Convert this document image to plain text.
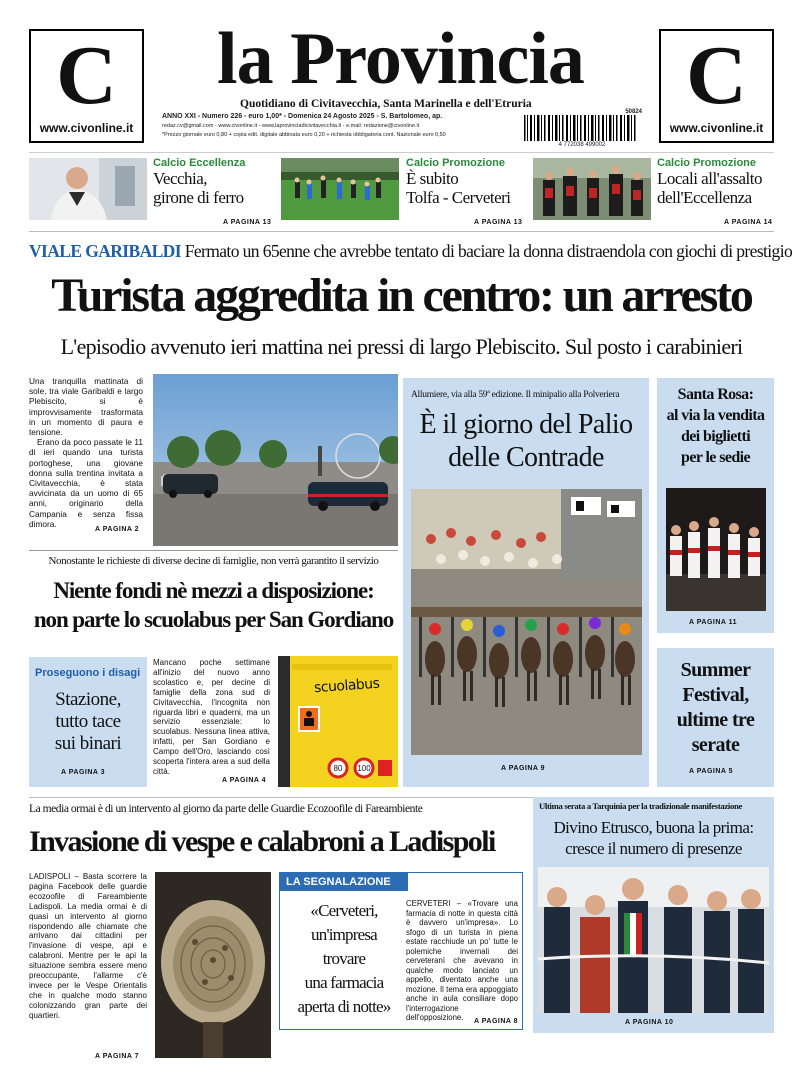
C
www.civonline.it
C
www.civonline.it
la Provincia
Quotidiano di Civitavecchia, Santa Marinella e dell'Etruria
ANNO XXI - Numero 226 - euro 1,00* - Domenica 24 Agosto 2025 - S. Bartolomeo, ap.
redaz.cv@gmail.com - www.civonline.it - www.laprovinciadicivitavecchia.it - e.mail: redazione@civonline.it
*Prezzo giornale euro 0,80 + copia edit. digitale abbinata euro 0,20 + richiesta obbligatoria cont. Nazionale euro 0,50
50824
4 772038 499002
Calcio Eccellenza
Vecchia,
girone di ferro
A PAGINA 13
Calcio Promozione
È subito
Tolfa - Cerveteri
A PAGINA 13
Calcio Promozione
Locali all'assalto
dell'Eccellenza
A PAGINA 14
VIALE GARIBALDI Fermato un 65enne che avrebbe tentato di baciare la donna distraendola con giochi di prestigio
Turista aggredita in centro: un arresto
L'episodio avvenuto ieri mattina nei pressi di largo Plebiscito. Sul posto i carabinieri

Una tranquilla mattinata di sole, tra viale Garibaldi e largo Plebiscito, si è improvvisamente trasformata in un momento di paura e tensione.

Erano da poco passate le 11 di ieri quando una turista portoghese, una giovane donna sulla trentina invitata a Civitavecchia, è stata avvicinata da un uomo di 65 anni, originario della Campania e senza fissa dimora.

A PAGINA 2
Nonostante le richieste di diverse decine di famiglie, non verrà garantito il servizio
Niente fondi nè mezzi a disposizione:
non parte lo scuolabus per San Gordiano
Proseguono i disagi
Stazione,
tutto tace
sui binari
A PAGINA 3
Mancano poche settimane all'inizio del nuovo anno scolastico e, per decine di famiglie della zona sud di Civitavecchia, l'incognita non riguarda libri e quaderni, ma un servizio essenziale: lo scuolabus. Nessuna linea attiva, infatti, per San Gordiano e Campo dell'Oro, lasciando così scoperta l'intera area a sud della città.
A PAGINA 4
80 100
scuolabus
Allumiere, via alla 59ª edizione. Il minipalio alla Polveriera
È il giorno del Palio
delle Contrade
A PAGINA 9
Santa Rosa:
al via la vendita
dei biglietti
per le sedie
A PAGINA 11
Summer
Festival,
ultime tre
serate
A PAGINA 5
La media ormai è di un intervento al giorno da parte delle Guardie Ecozoofile di Fareambiente
Invasione di vespe e calabroni a Ladispoli
LADISPOLI – Basta scorrere la pagina Facebook delle guardie ecozoofile di Fareambiente Ladispoli. La media ormai è di quasi un intervento al giorno rispondendo alle chiamate che arrivano dai cittadini per l'invasione di vespe, api e calabroni. Mentre per le api la situazione sembra essere meno preoccupante, l'allarme c'è invece per le Vespe Orientalis che in qualche modo stanno colonizzando gran parte dei quartieri.
A PAGINA 7
LA SEGNALAZIONE
«Cerveteri,
un'impresa
trovare
una farmacia
aperta di notte»
CERVETERI – «Trovare una farmacia di notte in questa città è davvero un'impresa». Lo sfogo di un turista in piena estate racchiude un po' tutte le polemiche invernali dei cerveteranì che avevano in qualche modo lanciato un appello, diventato anche una mozione. Il tema era appoggiato anche in aula consiliare dopo l'interrogazione dell'opposizione.	A PAGINA 8
Ultima serata a Tarquinia per la tradizionale manifestazione
Divino Etrusco, buona la prima:
cresce il numero di presenze
A PAGINA 10
